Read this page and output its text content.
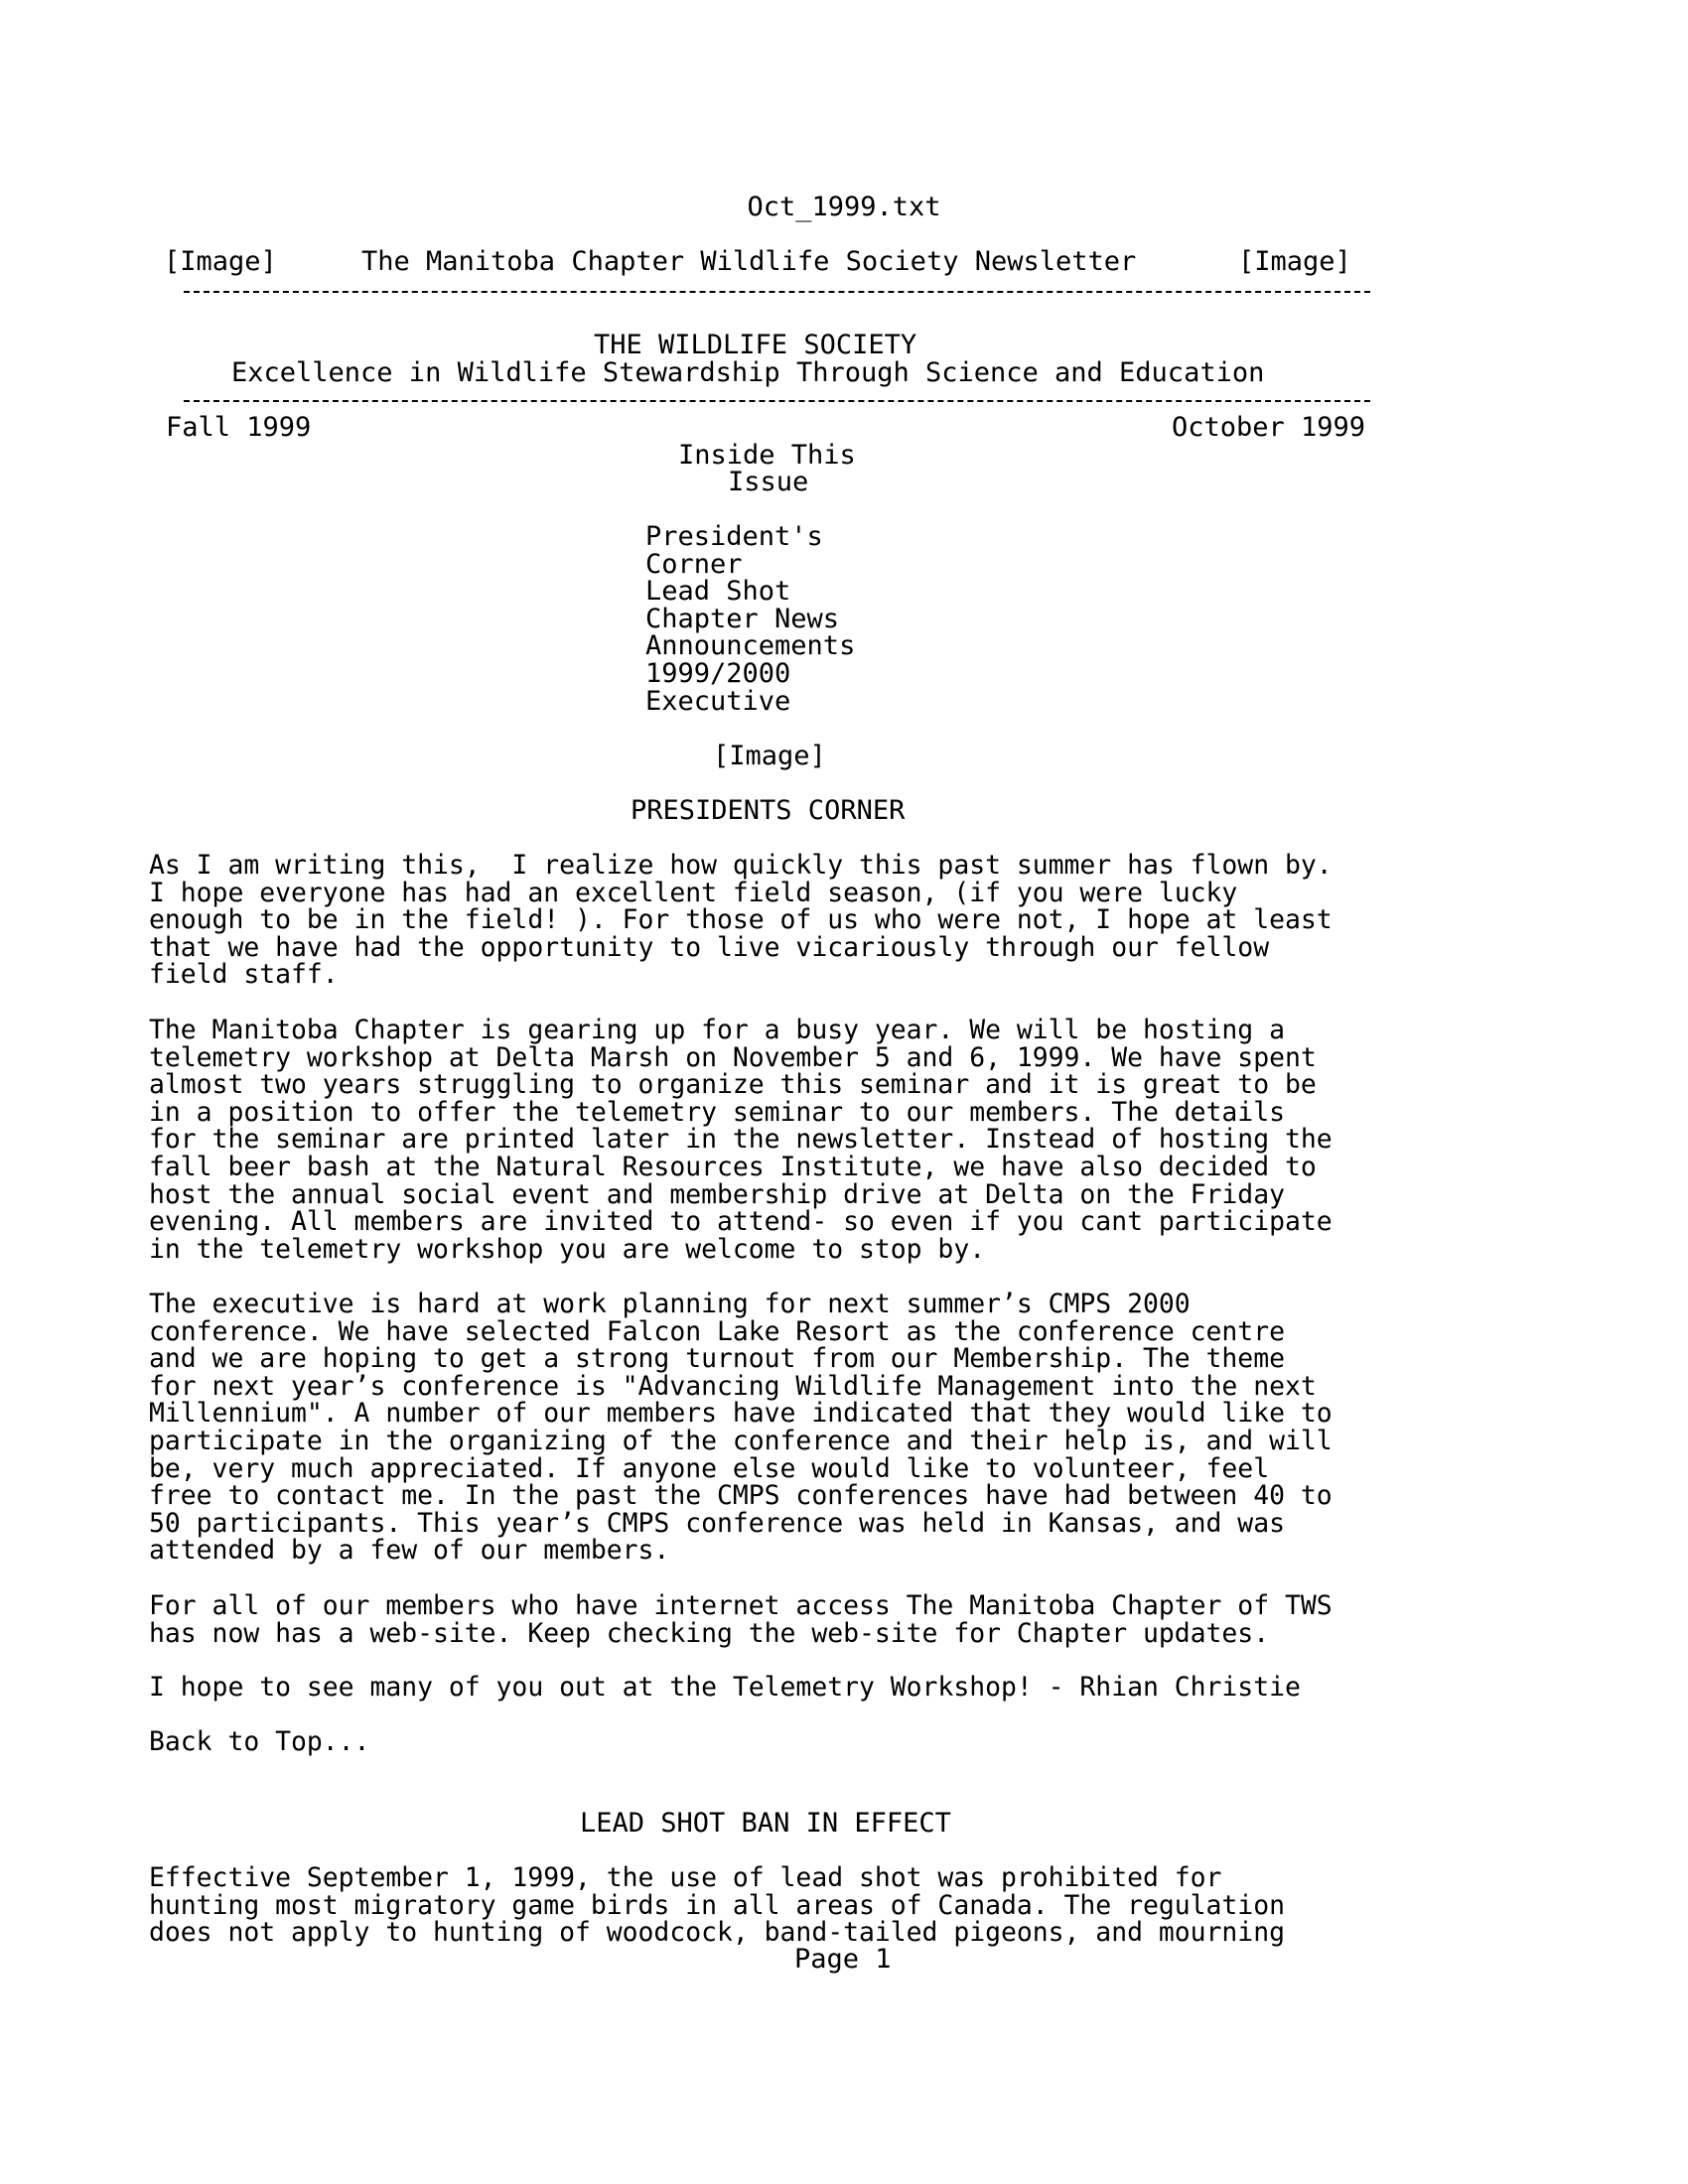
Oct_1999.txt
[Image]	The Manitoba Chapter Wildlife Society Newsletter	[Image]
THE WILDLIFE SOCIETY
Excellence in Wildlife Stewardship Through Science and Education
Fall 1999	October 1999
Inside This
Issue
President's
Corner
Lead Shot
Chapter News
Announcements
1999/2000
Executive
[Image]
PRESIDENTS CORNER
As I am writing this,  I realize how quickly this past summer has flown by.
I hope everyone has had an excellent field season, (if you were lucky
enough to be in the field! ). For those of us who were not, I hope at least
that we have had the opportunity to live vicariously through our fellow
field staff.
The Manitoba Chapter is gearing up for a busy year. We will be hosting a
telemetry workshop at Delta Marsh on November 5 and 6, 1999. We have spent
almost two years struggling to organize this seminar and it is great to be
in a position to offer the telemetry seminar to our members. The details
for the seminar are printed later in the newsletter. Instead of hosting the
fall beer bash at the Natural Resources Institute, we have also decided to
host the annual social event and membership drive at Delta on the Friday
evening. All members are invited to attend- so even if you cant participate
in the telemetry workshop you are welcome to stop by.
The executive is hard at work planning for next summer’s CMPS 2000
conference. We have selected Falcon Lake Resort as the conference centre
and we are hoping to get a strong turnout from our Membership. The theme
for next year’s conference is "Advancing Wildlife Management into the next
Millennium". A number of our members have indicated that they would like to
participate in the organizing of the conference and their help is, and will
be, very much appreciated. If anyone else would like to volunteer, feel
free to contact me. In the past the CMPS conferences have had between 40 to
50 participants. This year’s CMPS conference was held in Kansas, and was
attended by a few of our members.
For all of our members who have internet access The Manitoba Chapter of TWS
has now has a web-site. Keep checking the web-site for Chapter updates.
I hope to see many of you out at the Telemetry Workshop! - Rhian Christie
Back to Top...
LEAD SHOT BAN IN EFFECT
Effective September 1, 1999, the use of lead shot was prohibited for
hunting most migratory game birds in all areas of Canada. The regulation
does not apply to hunting of woodcock, band-tailed pigeons, and mourning
Page 1
